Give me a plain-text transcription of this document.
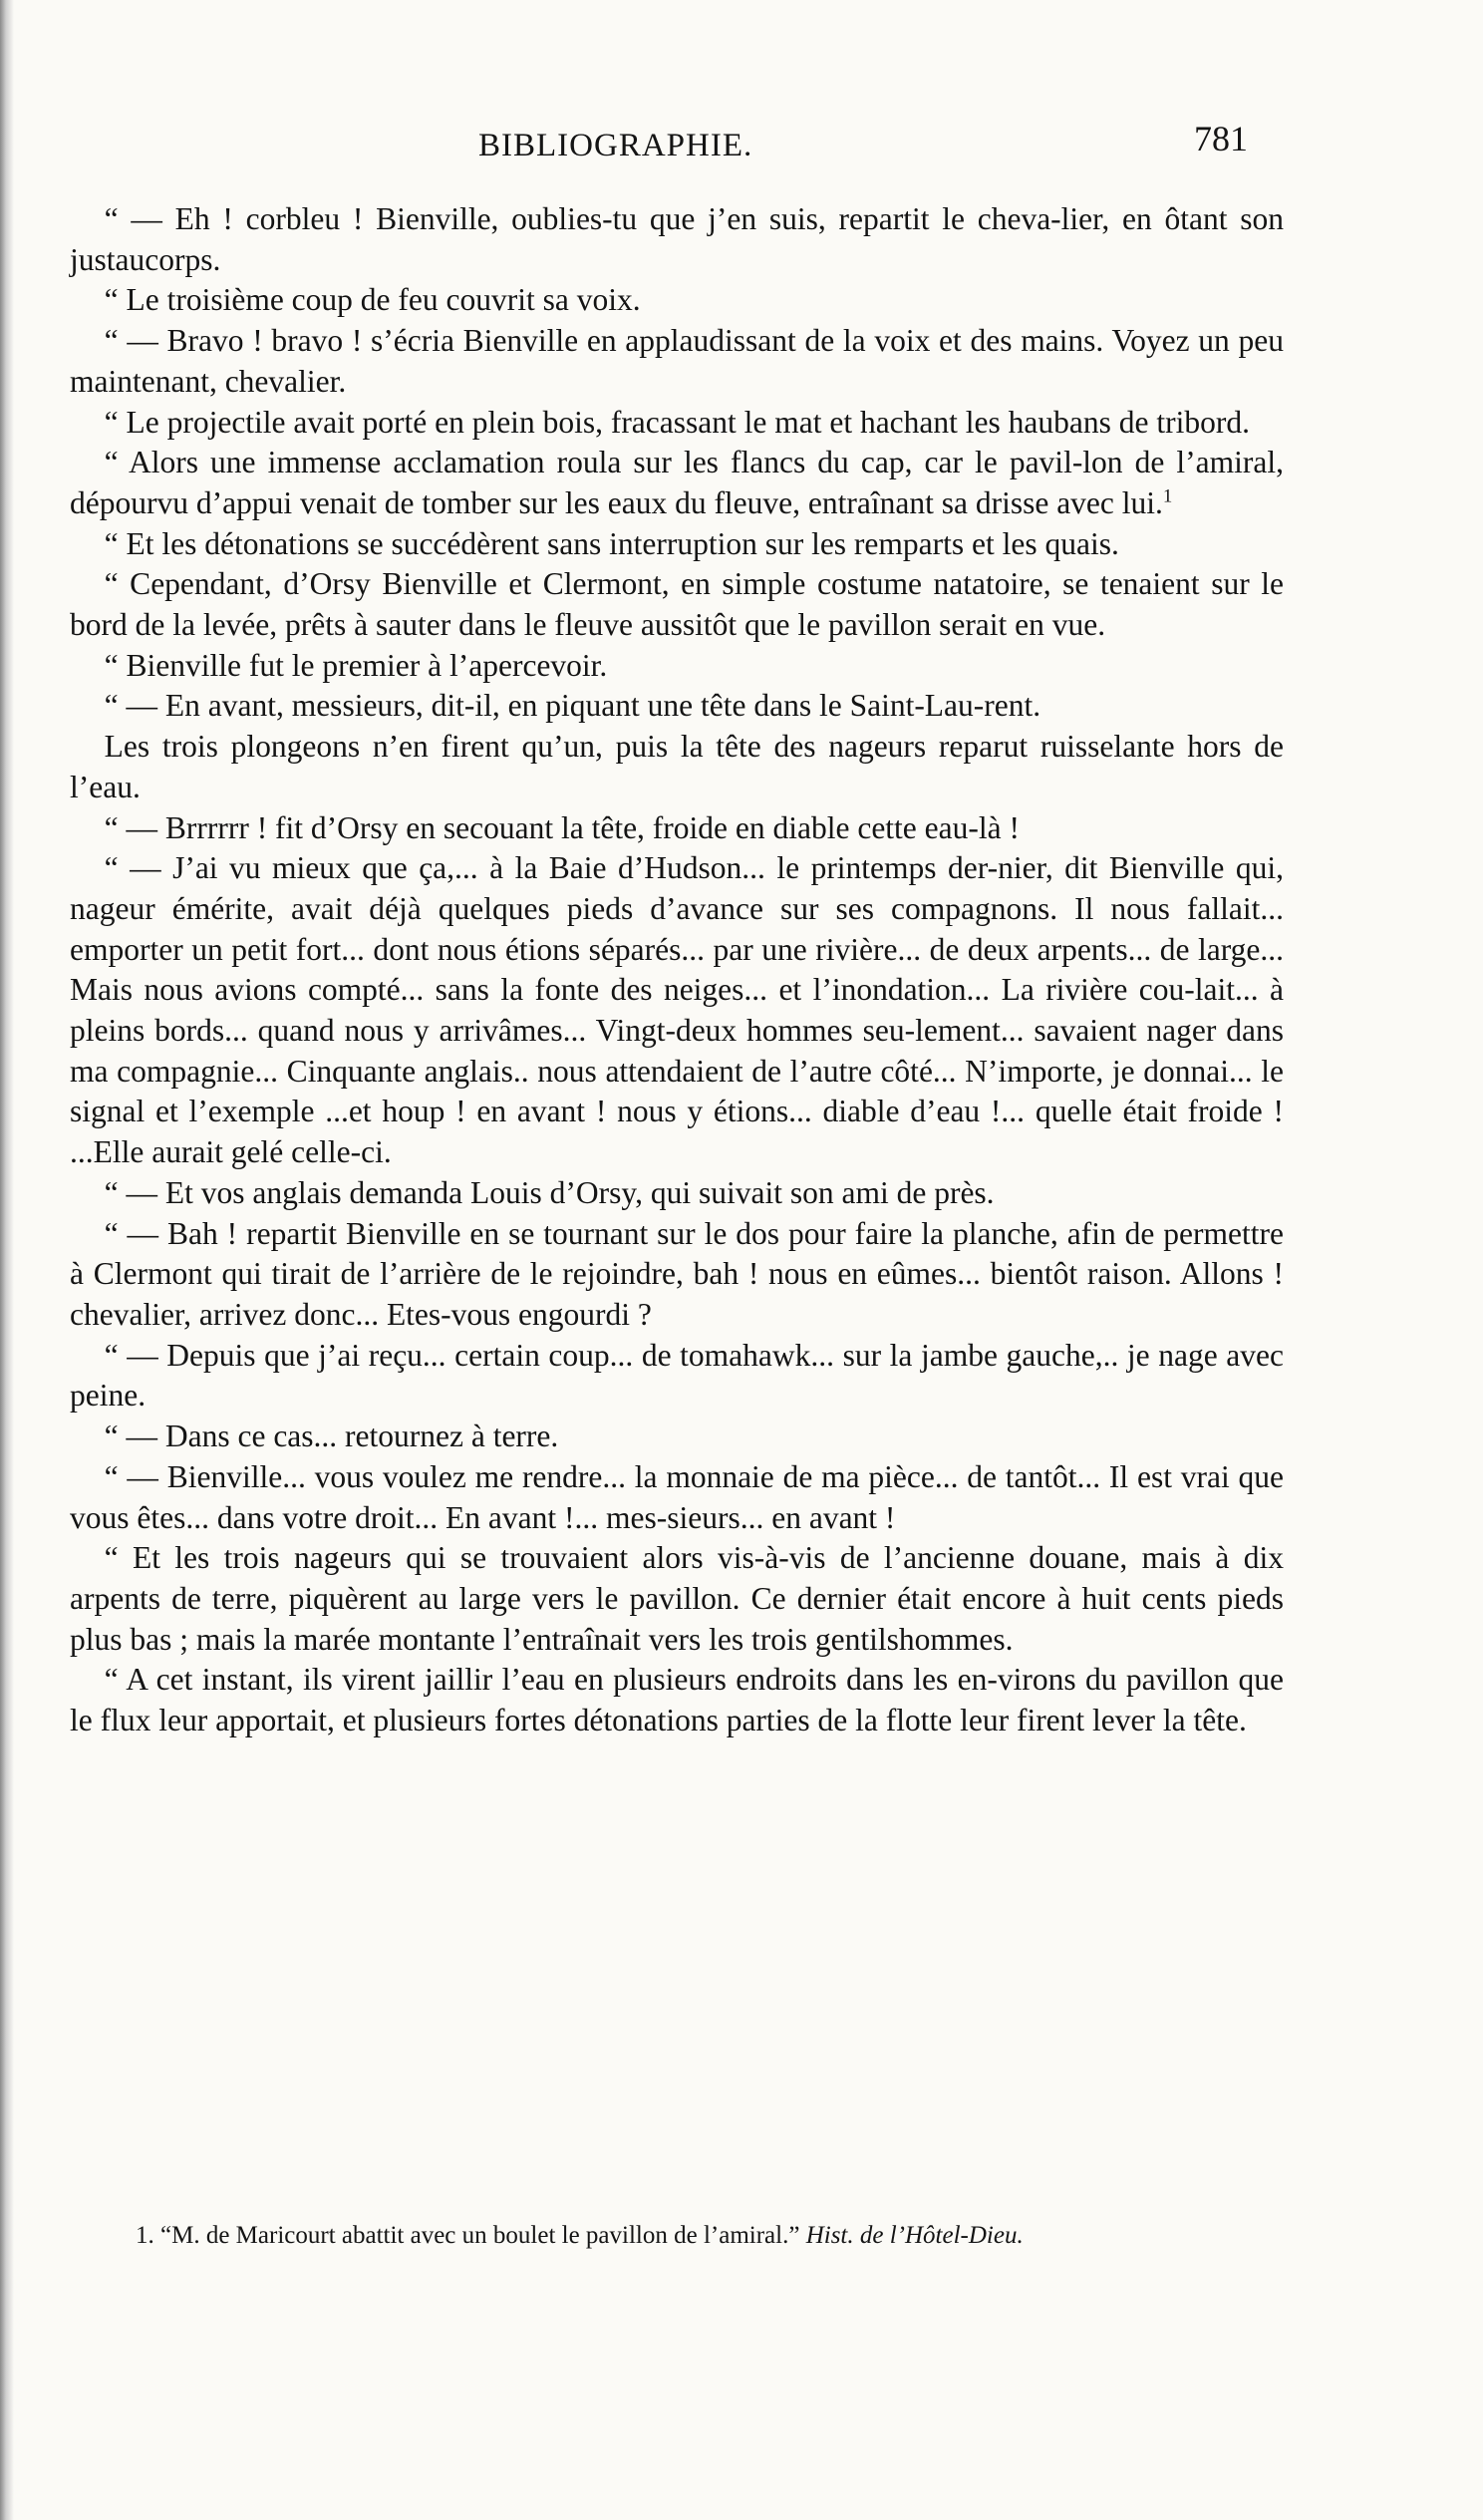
BIBLIOGRAPHIE.	781

“ — Eh ! corbleu ! Bienville, oublies-tu que j’en suis, repartit le cheva-lier, en ôtant son justaucorps.

“ Le troisième coup de feu couvrit sa voix.

“ — Bravo ! bravo ! s’écria Bienville en applaudissant de la voix et des mains. Voyez un peu maintenant, chevalier.

“ Le projectile avait porté en plein bois, fracassant le mat et hachant les haubans de tribord.

“ Alors une immense acclamation roula sur les flancs du cap, car le pavil-lon de l’amiral, dépourvu d’appui venait de tomber sur les eaux du fleuve, entraînant sa drisse avec lui.$^1$

“ Et les détonations se succédèrent sans interruption sur les remparts et les quais.

“ Cependant, d’Orsy Bienville et Clermont, en simple costume natatoire, se tenaient sur le bord de la levée, prêts à sauter dans le fleuve aussitôt que le pavillon serait en vue.

“ Bienville fut le premier à l’apercevoir.

“ — En avant, messieurs, dit-il, en piquant une tête dans le Saint-Lau-rent.

Les trois plongeons n’en firent qu’un, puis la tête des nageurs reparut ruisselante hors de l’eau.

“ — Brrrrrr ! fit d’Orsy en secouant la tête, froide en diable cette eau-là !

“ — J’ai vu mieux que ça,... à la Baie d’Hudson... le printemps der-nier, dit Bienville qui, nageur émérite, avait déjà quelques pieds d’avance sur ses compagnons. Il nous fallait... emporter un petit fort... dont nous étions séparés... par une rivière... de deux arpents... de large... Mais nous avions compté... sans la fonte des neiges... et l’inondation... La rivière cou-lait... à pleins bords... quand nous y arrivâmes... Vingt-deux hommes seu-lement... savaient nager dans ma compagnie... Cinquante anglais.. nous attendaient de l’autre côté... N’importe, je donnai... le signal et l’exemple ...et houp ! en avant ! nous y étions... diable d’eau !... quelle était froide ! ...Elle aurait gelé celle-ci.

“ — Et vos anglais demanda Louis d’Orsy, qui suivait son ami de près.

“ — Bah ! repartit Bienville en se tournant sur le dos pour faire la planche, afin de permettre à Clermont qui tirait de l’arrière de le rejoindre, bah ! nous en eûmes... bientôt raison. Allons ! chevalier, arrivez donc... Etes-vous engourdi ?

“ — Depuis que j’ai reçu... certain coup... de tomahawk... sur la jambe gauche,.. je nage avec peine.

“ — Dans ce cas... retournez à terre.

“ — Bienville... vous voulez me rendre... la monnaie de ma pièce... de tantôt... Il est vrai que vous êtes... dans votre droit... En avant !... mes-sieurs... en avant !

“ Et les trois nageurs qui se trouvaient alors vis-à-vis de l’ancienne douane, mais à dix arpents de terre, piquèrent au large vers le pavillon. Ce dernier était encore à huit cents pieds plus bas ; mais la marée montante l’entraînait vers les trois gentilshommes.

“ A cet instant, ils virent jaillir l’eau en plusieurs endroits dans les en-virons du pavillon que le flux leur apportait, et plusieurs fortes détonations parties de la flotte leur firent lever la tête.

1. “M. de Maricourt abattit avec un boulet le pavillon de l’amiral.” Hist. de l’Hôtel-Dieu.
